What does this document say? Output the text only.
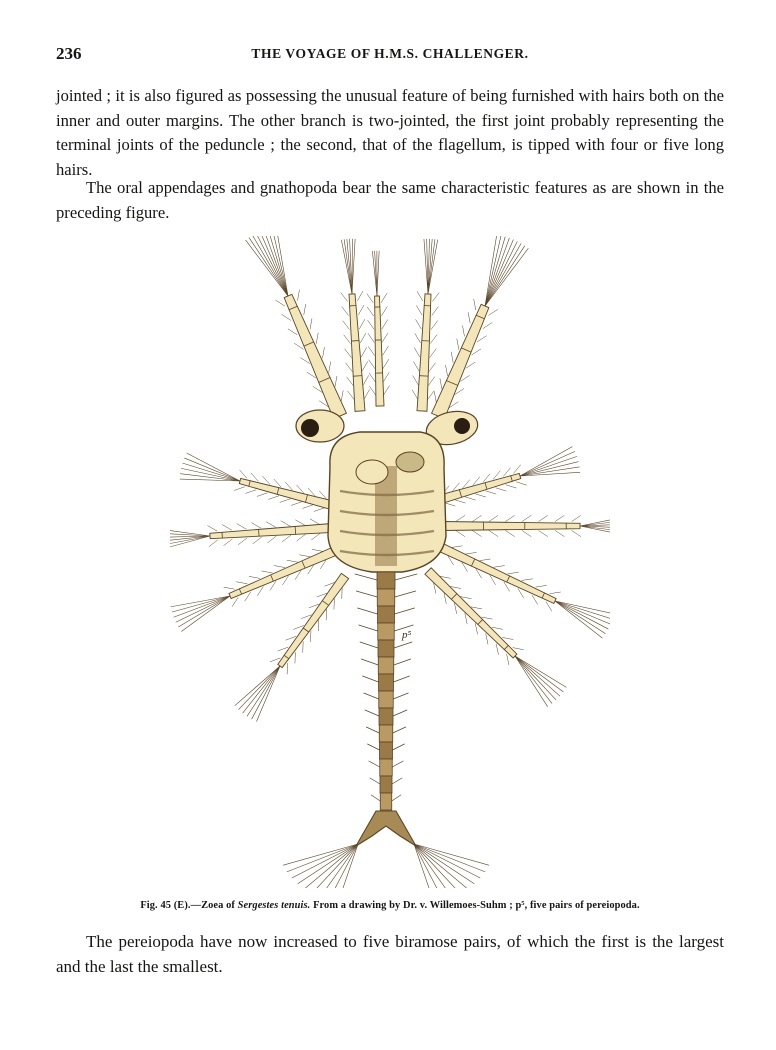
236	THE VOYAGE OF H.M.S. CHALLENGER.
jointed ; it is also figured as possessing the unusual feature of being furnished with hairs both on the inner and outer margins. The other branch is two-jointed, the first joint probably representing the terminal joints of the peduncle ; the second, that of the flagellum, is tipped with four or five long hairs.
The oral appendages and gnathopoda bear the same characteristic features as are shown in the preceding figure.
p⁵
Fig. 45 (E).—Zoea of Sergestes tenuis. From a drawing by Dr. v. Willemoes-Suhm ; p⁵, five pairs of pereiopoda.
The pereiopoda have now increased to five biramose pairs, of which the first is the largest and the last the smallest.
